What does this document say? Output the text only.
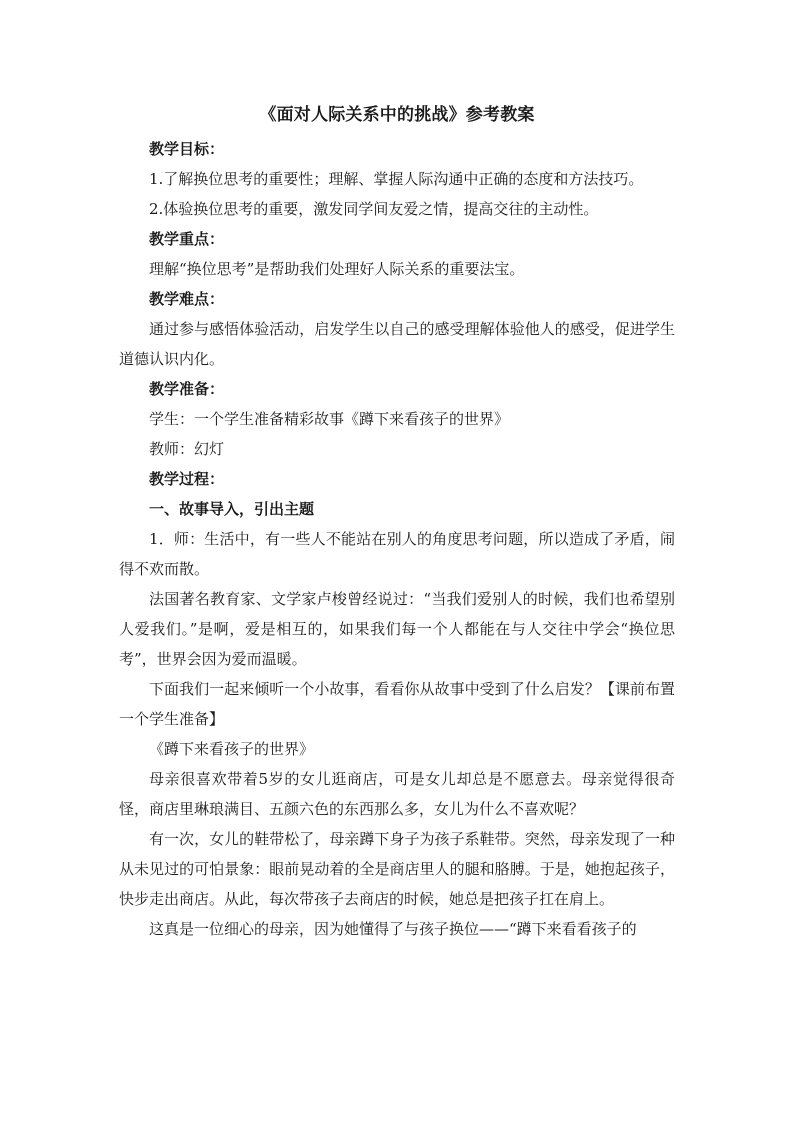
《面对人际关系中的挑战》参考教案

教学目标：

1.了解换位思考的重要性；理解、掌握人际沟通中正确的态度和方法技巧。

2.体验换位思考的重要，激发同学间友爱之情，提高交往的主动性。

教学重点：

理解“换位思考”是帮助我们处理好人际关系的重要法宝。

教学难点：

通过参与感悟体验活动，启发学生以自己的感受理解体验他人的感受，促进学生道德认识内化。

教学准备：

学生：一个学生准备精彩故事《蹲下来看孩子的世界》

教师：幻灯

教学过程：

一、故事导入，引出主题

1．师：生活中，有一些人不能站在别人的角度思考问题，所以造成了矛盾，闹得不欢而散。

法国著名教育家、文学家卢梭曾经说过：“当我们爱别人的时候，我们也希望别人爱我们。”是啊，爱是相互的，如果我们每一个人都能在与人交往中学会“换位思考”，世界会因为爱而温暖。

下面我们一起来倾听一个小故事，看看你从故事中受到了什么启发？【课前布置一个学生准备】

《蹲下来看孩子的世界》

母亲很喜欢带着5岁的女儿逛商店，可是女儿却总是不愿意去。母亲觉得很奇怪，商店里琳琅满目、五颜六色的东西那么多，女儿为什么不喜欢呢？

有一次，女儿的鞋带松了，母亲蹲下身子为孩子系鞋带。突然，母亲发现了一种从未见过的可怕景象：眼前晃动着的全是商店里人的腿和胳膊。于是，她抱起孩子，快步走出商店。从此，每次带孩子去商店的时候，她总是把孩子扛在肩上。

这真是一位细心的母亲，因为她懂得了与孩子换位——“蹲下来看看孩子的
